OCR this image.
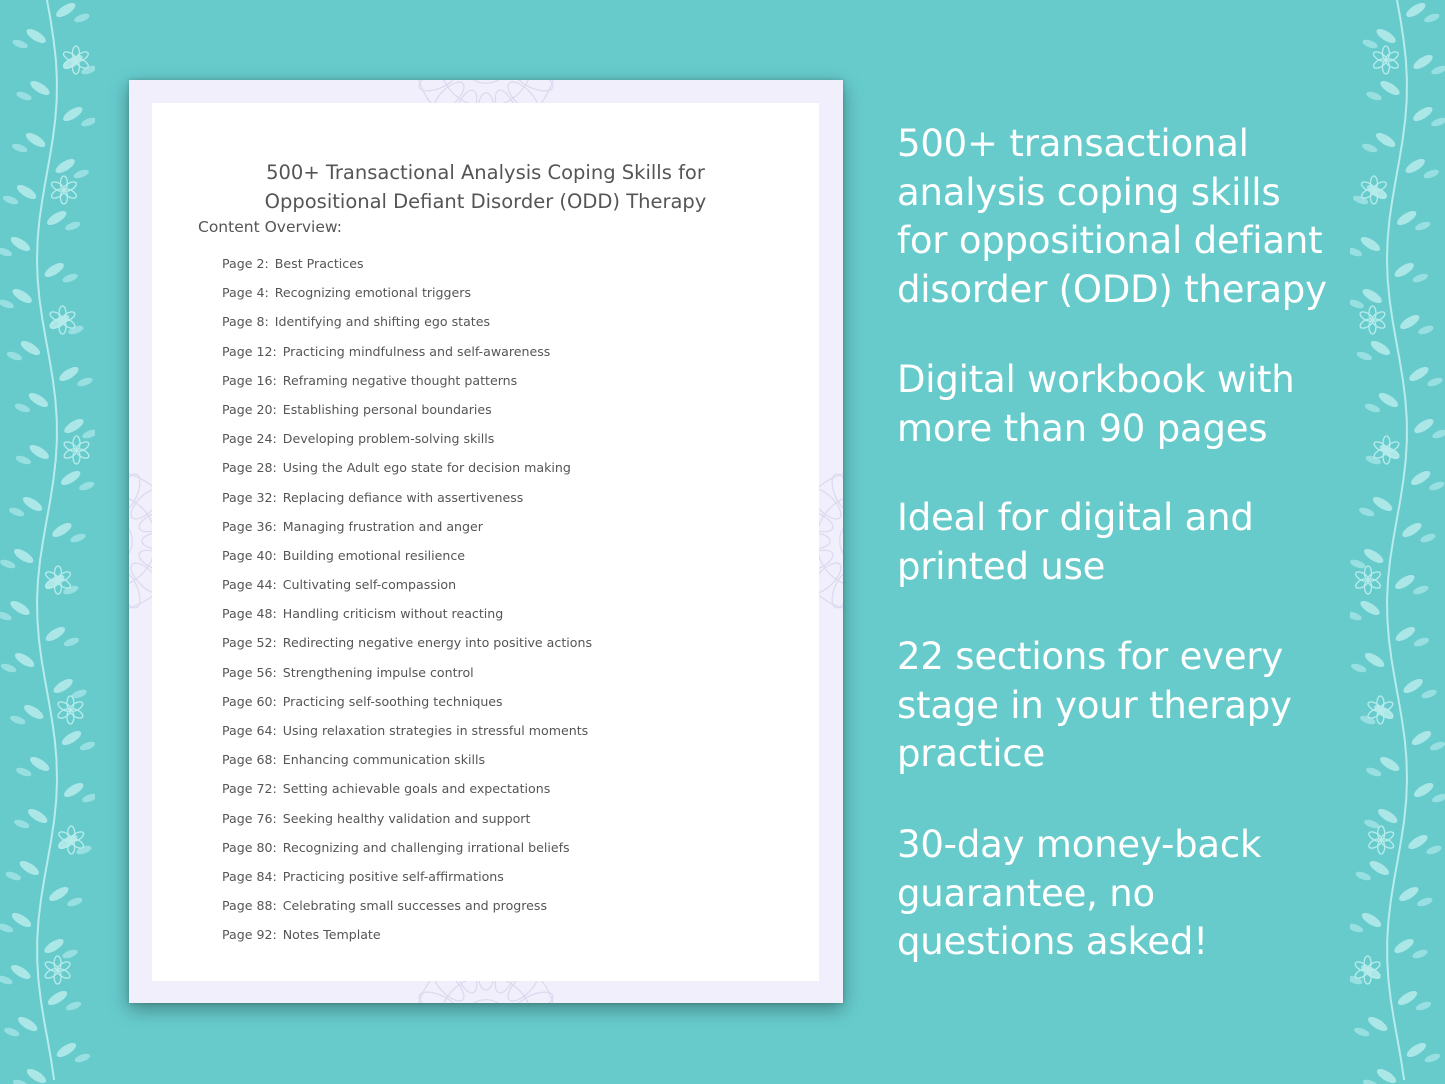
500+ Transactional Analysis Coping Skills for
Oppositional Defiant Disorder (ODD) Therapy
Content Overview:
Page 2: Best Practices
Page 4: Recognizing emotional triggers
Page 8: Identifying and shifting ego states
Page 12: Practicing mindfulness and self-awareness
Page 16: Reframing negative thought patterns
Page 20: Establishing personal boundaries
Page 24: Developing problem-solving skills
Page 28: Using the Adult ego state for decision making
Page 32: Replacing defiance with assertiveness
Page 36: Managing frustration and anger
Page 40: Building emotional resilience
Page 44: Cultivating self-compassion
Page 48: Handling criticism without reacting
Page 52: Redirecting negative energy into positive actions
Page 56: Strengthening impulse control
Page 60: Practicing self-soothing techniques
Page 64: Using relaxation strategies in stressful moments
Page 68: Enhancing communication skills
Page 72: Setting achievable goals and expectations
Page 76: Seeking healthy validation and support
Page 80: Recognizing and challenging irrational beliefs
Page 84: Practicing positive self-affirmations
Page 88: Celebrating small successes and progress
Page 92: Notes Template

500+ transactional
analysis coping skills
for oppositional defiant
disorder (ODD) therapy

Digital workbook with
more than 90 pages

Ideal for digital and
printed use

22 sections for every
stage in your therapy
practice

30-day money-back
guarantee, no
questions asked!
